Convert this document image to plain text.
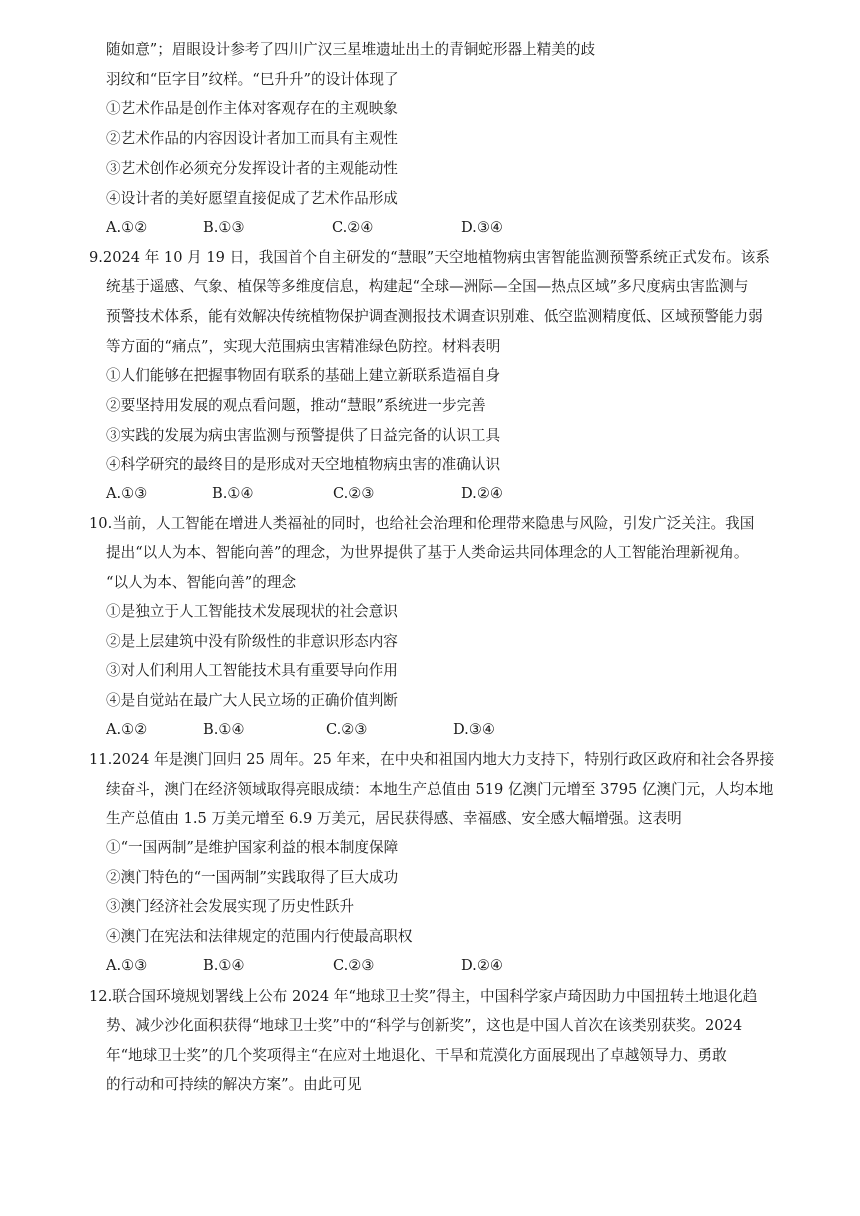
随如意”；眉眼设计参考了四川广汉三星堆遗址出土的青铜蛇形器上精美的歧
羽纹和“臣字目”纹样。“巳升升”的设计体现了
①艺术作品是创作主体对客观存在的主观映象
②艺术作品的内容因设计者加工而具有主观性
③艺术创作必须充分发挥设计者的主观能动性
④设计者的美好愿望直接促成了艺术作品形成
A.①②	B.①③	C.②④	D.③④
9.2024 年 10 月 19 日，我国首个自主研发的“慧眼”天空地植物病虫害智能监测预警系统正式发布。该系
统基于遥感、气象、植保等多维度信息，构建起“全球—洲际—全国—热点区域”多尺度病虫害监测与
预警技术体系，能有效解决传统植物保护调查测报技术调查识别难、低空监测精度低、区域预警能力弱
等方面的“痛点”，实现大范围病虫害精准绿色防控。材料表明
①人们能够在把握事物固有联系的基础上建立新联系造福自身
②要坚持用发展的观点看问题，推动“慧眼”系统进一步完善
③实践的发展为病虫害监测与预警提供了日益完备的认识工具
④科学研究的最终目的是形成对天空地植物病虫害的准确认识
A.①③	B.①④	C.②③	D.②④
10.当前，人工智能在增进人类福祉的同时，也给社会治理和伦理带来隐患与风险，引发广泛关注。我国
提出“以人为本、智能向善”的理念，为世界提供了基于人类命运共同体理念的人工智能治理新视角。
“以人为本、智能向善”的理念
①是独立于人工智能技术发展现状的社会意识
②是上层建筑中没有阶级性的非意识形态内容
③对人们利用人工智能技术具有重要导向作用
④是自觉站在最广大人民立场的正确价值判断
A.①②	B.①④	C.②③	D.③④
11.2024 年是澳门回归 25 周年。25 年来，在中央和祖国内地大力支持下，特别行政区政府和社会各界接
续奋斗，澳门在经济领域取得亮眼成绩：本地生产总值由 519 亿澳门元增至 3795 亿澳门元，人均本地
生产总值由 1.5 万美元增至 6.9 万美元，居民获得感、幸福感、安全感大幅增强。这表明
①“一国两制”是维护国家利益的根本制度保障
②澳门特色的“一国两制”实践取得了巨大成功
③澳门经济社会发展实现了历史性跃升
④澳门在宪法和法律规定的范围内行使最高职权
A.①③	B.①④	C.②③	D.②④
12.联合国环境规划署线上公布 2024 年“地球卫士奖”得主，中国科学家卢琦因助力中国扭转土地退化趋
势、减少沙化面积获得“地球卫士奖”中的“科学与创新奖”，这也是中国人首次在该类别获奖。2024
年“地球卫士奖”的几个奖项得主“在应对土地退化、干旱和荒漠化方面展现出了卓越领导力、勇敢
的行动和可持续的解决方案”。由此可见
